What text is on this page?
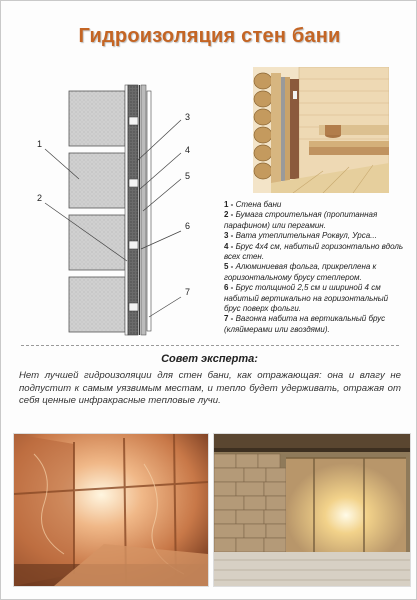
Гидроизоляция стен бани
1
2
3
4
5
6
7
1 - Стена бани
2 - Бумага строительная (пропитанная парафином) или пергамин.
3 - Вата утеплительная Роквул, Урса...
4 - Брус 4х4 см, набитый горизонтально вдоль всех стен.
5 - Алюминиевая фольга, прикреплена к горизонтальному брусу степлером.
6 - Брус толщиной 2,5 см и шириной 4 см набитый вертикально на горизонтальный брус поверх фольги.
7 - Вагонка набита на вертикальный брус (кляймерами или гвоздями).
Совет эксперта:
Нет лучшей гидроизоляции для стен бани, как отражающая: она и влагу не подпустит к самым уязвимым местам, и тепло будет удерживать, отражая от себя ценные инфракрасные тепловые лучи.
